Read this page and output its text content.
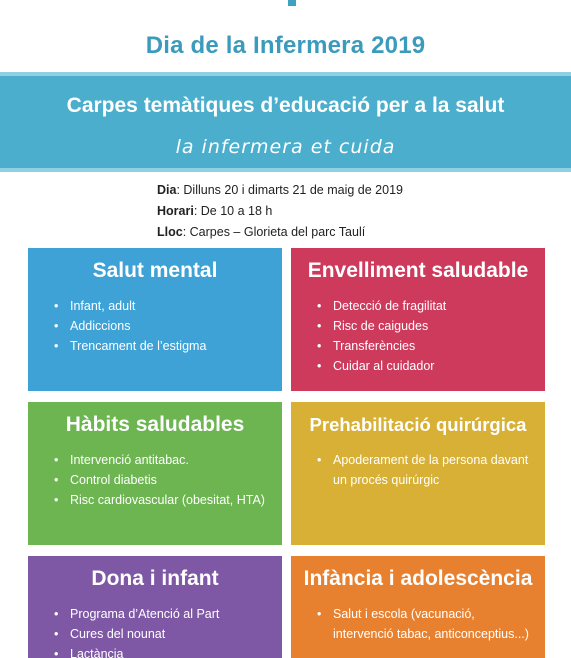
Dia de la Infermera 2019
Carpes temàtiques d’educació per a la salut
la infermera et cuida
Dia: Dilluns 20 i dimarts 21 de maig de 2019
Horari: De 10 a 18 h
Lloc: Carpes – Glorieta del parc Taulí
Salut mental
• Infant, adult
• Addiccions
• Trencament de l’estigma
Envelliment saludable
• Detecció de fragilitat
• Risc de caigudes
• Transferències
• Cuidar al cuidador
Hàbits saludables
• Intervenció antitabac.
• Control diabetis
• Risc cardiovascular (obesitat, HTA)
Prehabilitació quirúrgica
• Apoderament de la persona davant un procés quirúrgic
Dona i infant
• Programa d’Atenció al Part
• Cures del nounat
• Lactància
Infància i adolescència
• Salut i escola (vacunació, intervenció tabac, anticonceptius...)
